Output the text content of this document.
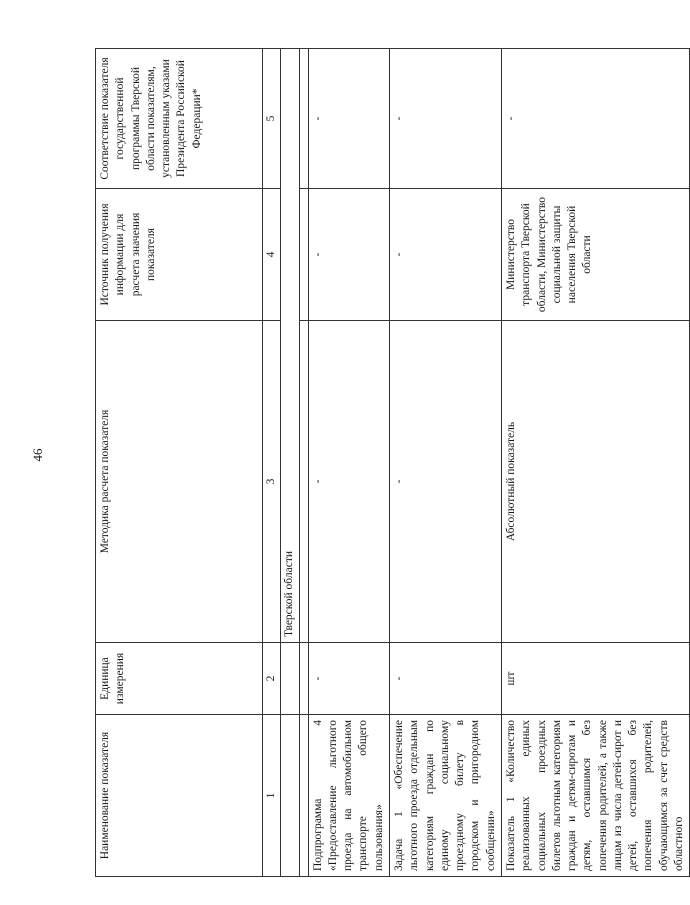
46
Наименование показателя	Единица измерения	Методика расчета показателя	Источник получения информации для расчета значения показателя	Соответствие показателя государственной программы Тверской области показателям, установленным указами Президента Российской Федерации*
1	2	3	4	5
		Тверской области		

Подпрограмма 4 «Предоставление льготного проезда на автомобильном транспорте общего пользования»	-	-	-	-
Задача 1 «Обеспечение льготного проезда отдельным категориям граждан по единому социальному проездному билету в городском и пригородном сообщении»	-	-	-	-
Показатель 1 «Количество реализованных единых социальных проездных билетов льготным категориям граждан и детям-сиротам и детям, оставшимся без попечения родителей, а также лицам из числа детей-сирот и детей, оставшихся без попечения родителей, обучающимся за счет средств областного	шт	Абсолютный показатель	Министерство транспорта Тверской области, Министерство социальной защиты населения Тверской области	-
